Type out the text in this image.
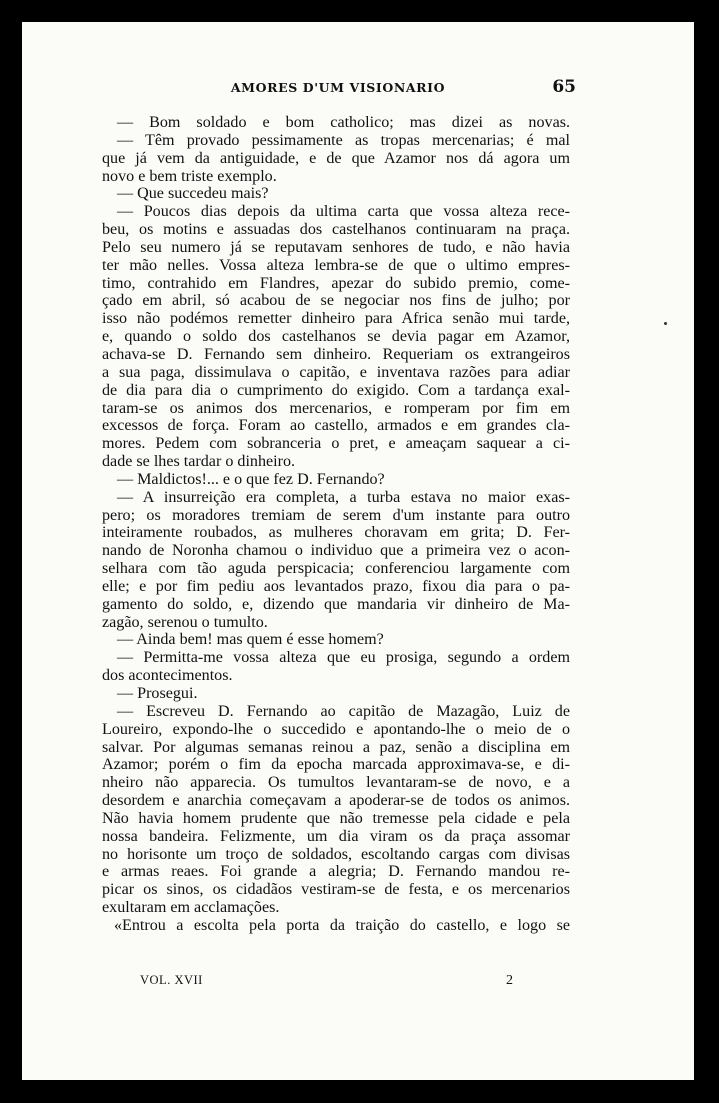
AMORES D'UM VISIONARIO	65
— Bom soldado e bom catholico; mas dizei as novas.
— Têm provado pessimamente as tropas mercenarias; é mal
que já vem da antiguidade, e de que Azamor nos dá agora um
novo e bem triste exemplo.
— Que succedeu mais?
— Poucos dias depois da ultima carta que vossa alteza rece-
beu, os motins e assuadas dos castelhanos continuaram na praça.
Pelo seu numero já se reputavam senhores de tudo, e não havia
ter mão nelles. Vossa alteza lembra-se de que o ultimo empres-
timo, contrahido em Flandres, apezar do subido premio, come-
çado em abril, só acabou de se negociar nos fins de julho; por
isso não podémos remetter dinheiro para Africa senão mui tarde,
e, quando o soldo dos castelhanos se devia pagar em Azamor,
achava-se D. Fernando sem dinheiro. Requeriam os extrangeiros
a sua paga, dissimulava o capitão, e inventava razões para adiar
de dia para dia o cumprimento do exigido. Com a tardança exal-
taram-se os animos dos mercenarios, e romperam por fim em
excessos de força. Foram ao castello, armados e em grandes cla-
mores. Pedem com sobranceria o pret, e ameaçam saquear a ci-
dade se lhes tardar o dinheiro.
— Maldictos!... e o que fez D. Fernando?
— A insurreição era completa, a turba estava no maior exas-
pero; os moradores tremiam de serem d'um instante para outro
inteiramente roubados, as mulheres choravam em grita; D. Fer-
nando de Noronha chamou o individuo que a primeira vez o acon-
selhara com tão aguda perspicacia; conferenciou largamente com
elle; e por fim pediu aos levantados prazo, fixou dia para o pa-
gamento do soldo, e, dizendo que mandaria vir dinheiro de Ma-
zagão, serenou o tumulto.
— Ainda bem! mas quem é esse homem?
— Permitta-me vossa alteza que eu prosiga, segundo a ordem
dos acontecimentos.
— Prosegui.
— Escreveu D. Fernando ao capitão de Mazagão, Luiz de
Loureiro, expondo-lhe o succedido e apontando-lhe o meio de o
salvar. Por algumas semanas reinou a paz, senão a disciplina em
Azamor; porém o fim da epocha marcada approximava-se, e di-
nheiro não apparecia. Os tumultos levantaram-se de novo, e a
desordem e anarchia começavam a apoderar-se de todos os animos.
Não havia homem prudente que não tremesse pela cidade e pela
nossa bandeira. Felizmente, um dia viram os da praça assomar
no horisonte um troço de soldados, escoltando cargas com divisas
e armas reaes. Foi grande a alegria; D. Fernando mandou re-
picar os sinos, os cidadãos vestiram-se de festa, e os mercenarios
exultaram em acclamações.
«Entrou a escolta pela porta da traição do castello, e logo se
VOL. XVII	2
